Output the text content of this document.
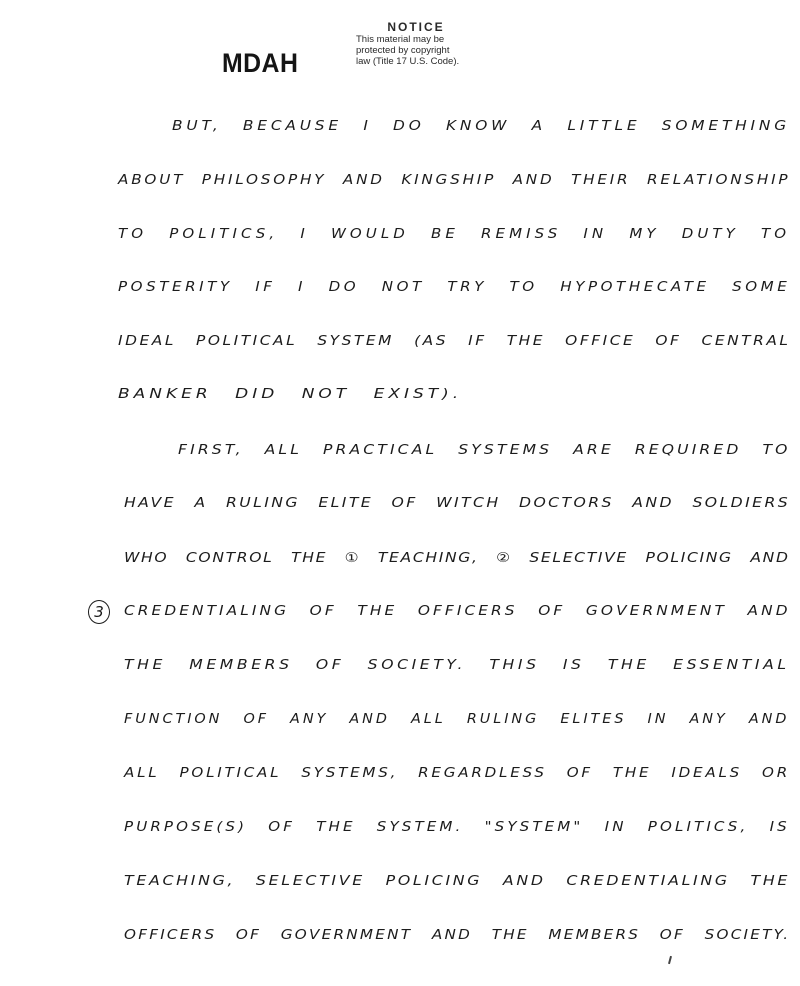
MDAH
NOTICE
This material may be
protected by copyright
law (Title 17 U.S. Code).
BUT, BECAUSE I DO KNOW A LITTLE SOMETHING
ABOUT PHILOSOPHY AND KINGSHIP AND THEIR RELATIONSHIP
TO POLITICS, I WOULD BE REMISS IN MY DUTY TO
POSTERITY IF I DO NOT TRY TO HYPOTHECATE SOME
IDEAL POLITICAL SYSTEM (AS IF THE OFFICE OF CENTRAL
BANKER DID NOT EXIST).
FIRST, ALL PRACTICAL SYSTEMS ARE REQUIRED TO
HAVE A RULING ELITE OF WITCH DOCTORS AND SOLDIERS
WHO CONTROL THE ① TEACHING, ② SELECTIVE POLICING AND
3	CREDENTIALING OF THE OFFICERS OF GOVERNMENT AND
THE MEMBERS OF SOCIETY. THIS IS THE ESSENTIAL
FUNCTION OF ANY AND ALL RULING ELITES IN ANY AND
ALL POLITICAL SYSTEMS, REGARDLESS OF THE IDEALS OR
PURPOSE(S) OF THE SYSTEM. "SYSTEM" IN POLITICS, IS
TEACHING, SELECTIVE POLICING AND CREDENTIALING THE
OFFICERS OF GOVERNMENT AND THE MEMBERS OF SOCIETY.
